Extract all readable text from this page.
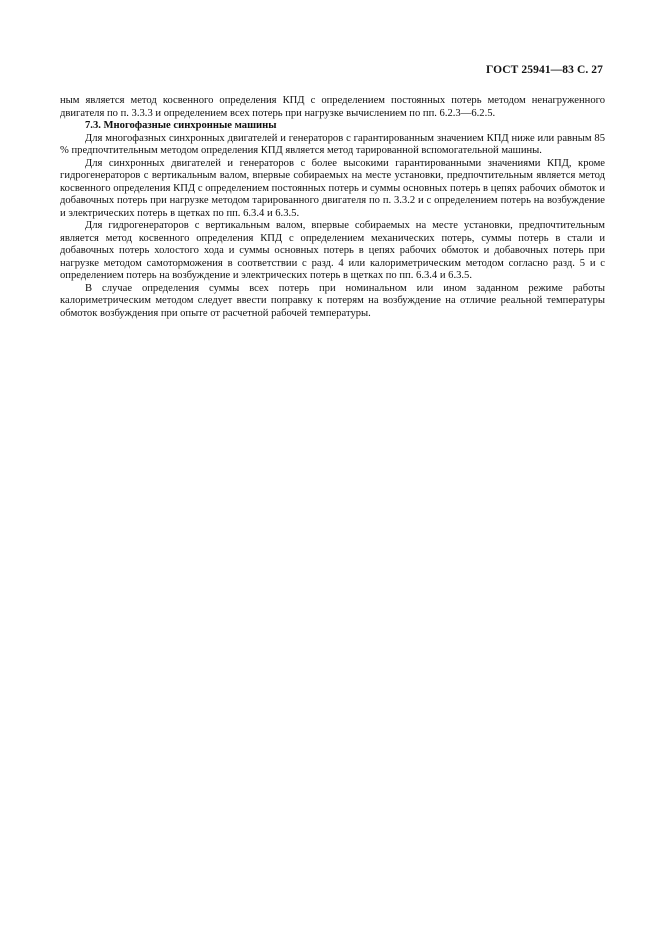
ГОСТ 25941—83 С. 27

ным является метод косвенного определения КПД с определением постоянных потерь методом ненагруженного двигателя по п. 3.3.3 и определением всех потерь при нагрузке вычислением по пп. 6.2.3—6.2.5.

7.3. Многофазные синхронные машины

Для многофазных синхронных двигателей и генераторов с гарантированным значением КПД ниже или равным 85 % предпочтительным методом определения КПД является метод тарированной вспомогательной машины.

Для синхронных двигателей и генераторов с более высокими гарантированными значениями КПД, кроме гидрогенераторов с вертикальным валом, впервые собираемых на месте установки, предпочтительным является метод косвенного определения КПД с определением постоянных потерь и суммы основных потерь в цепях рабочих обмоток и добавочных потерь при нагрузке методом тарированного двигателя по п. 3.3.2 и с определением потерь на возбуждение и электрических потерь в щетках по пп. 6.3.4 и 6.3.5.

Для гидрогенераторов с вертикальным валом, впервые собираемых на месте установки, предпочтительным является метод косвенного определения КПД с определением механических потерь, суммы потерь в стали и добавочных потерь холостого хода и суммы основных потерь в цепях рабочих обмоток и добавочных потерь при нагрузке методом самоторможения в соответствии с разд. 4 или калориметрическим методом согласно разд. 5 и с определением потерь на возбуждение и электрических потерь в щетках по пп. 6.3.4 и 6.3.5.

В случае определения суммы всех потерь при номинальном или ином заданном режиме работы калориметрическим методом следует ввести поправку к потерям на возбуждение на отличие реальной температуры обмоток возбуждения при опыте от расчетной рабочей температуры.
